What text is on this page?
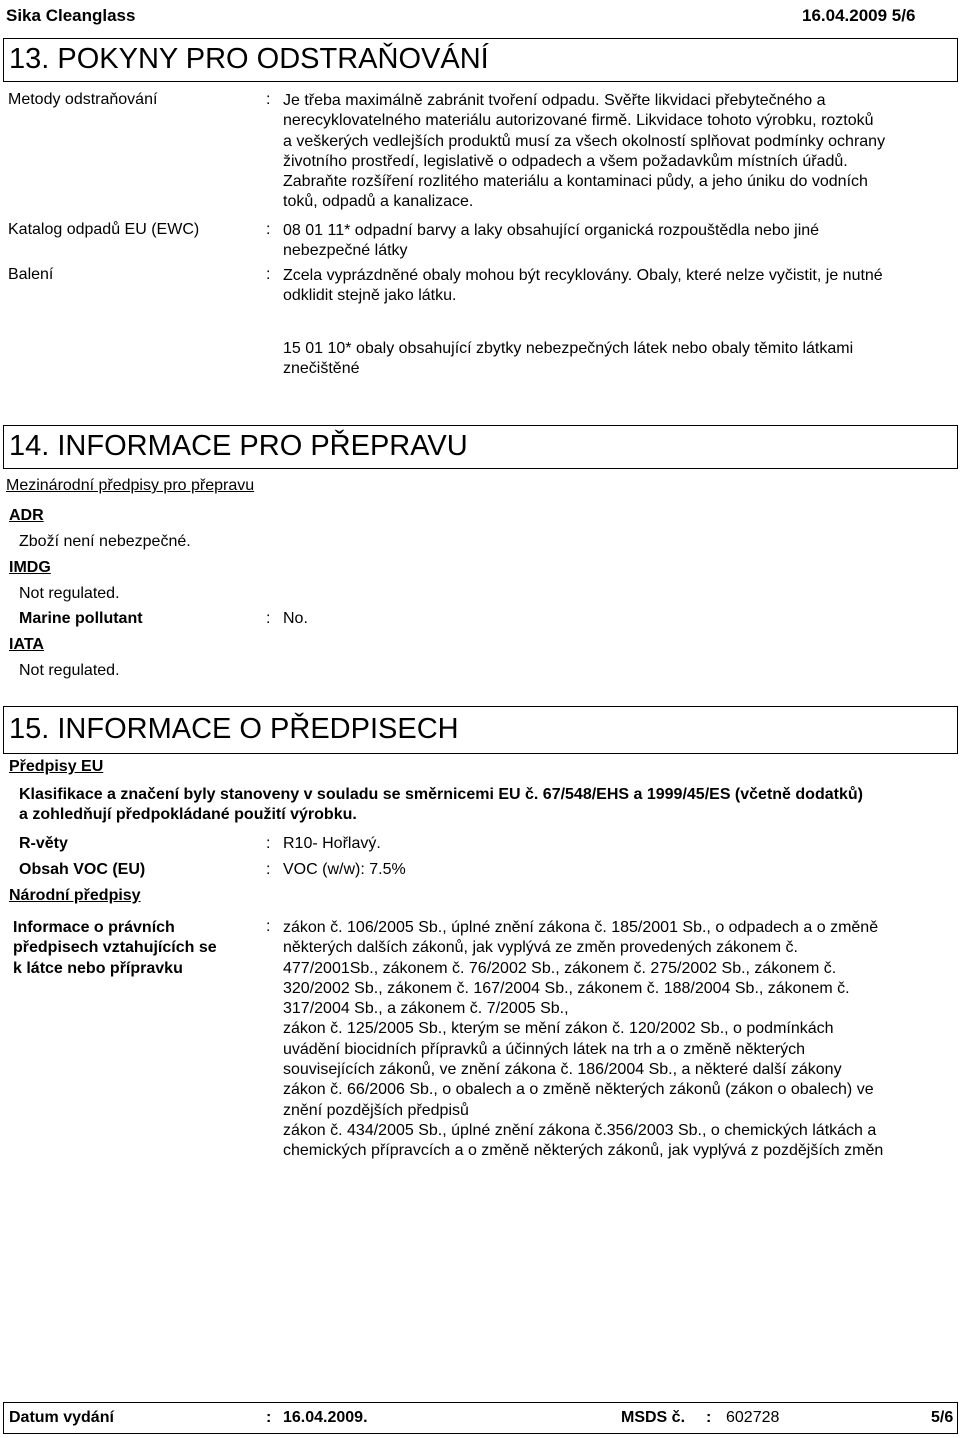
Sika Cleanglass	16.04.2009 5/6
13. POKYNY PRO ODSTRAŇOVÁNÍ
Metody odstraňování	: Je třeba maximálně zabránit tvoření odpadu. Svěřte likvidaci přebytečného a
nerecyklovatelného materiálu autorizované firmě. Likvidace tohoto výrobku, roztoků
a veškerých vedlejších produktů musí za všech okolností splňovat podmínky ochrany
životního prostředí, legislativě o odpadech a všem požadavkům místních úřadů.
Zabraňte rozšíření rozlitého materiálu a kontaminaci půdy, a jeho úniku do vodních
toků, odpadů a kanalizace.
Katalog odpadů EU (EWC)	: 08 01 11* odpadní barvy a laky obsahující organická rozpouštědla nebo jiné
nebezpečné látky
Balení	: Zcela vyprázdněné obaly mohou být recyklovány. Obaly, které nelze vyčistit, je nutné
odklidit stejně jako látku.
15 01 10* obaly obsahující zbytky nebezpečných látek nebo obaly těmito látkami
znečištěné
14. INFORMACE PRO PŘEPRAVU
Mezinárodní předpisy pro přepravu
ADR
Zboží není nebezpečné.
IMDG
Not regulated.
Marine pollutant	: No.
IATA
Not regulated.
15. INFORMACE O PŘEDPISECH
Předpisy EU
Klasifikace a značení byly stanoveny v souladu se směrnicemi EU č. 67/548/EHS a 1999/45/ES (včetně dodatků)
a zohledňují předpokládané použití výrobku.
R-věty	: R10- Hořlavý.
Obsah VOC (EU)	: VOC (w/w): 7.5%
Národní předpisy
Informace o právních
předpisech vztahujících se
k látce nebo přípravku
: zákon č. 106/2005 Sb., úplné znění zákona č. 185/2001 Sb., o odpadech a o změně
některých dalších zákonů, jak vyplývá ze změn provedených zákonem č.
477/2001Sb., zákonem č. 76/2002 Sb., zákonem č. 275/2002 Sb., zákonem č.
320/2002 Sb., zákonem č. 167/2004 Sb., zákonem č. 188/2004 Sb., zákonem č.
317/2004 Sb., a zákonem č. 7/2005 Sb.,
zákon č. 125/2005 Sb., kterým se mění zákon č. 120/2002 Sb., o podmínkách
uvádění biocidních přípravků a účinných látek na trh a o změně některých
souvisejících zákonů, ve znění zákona č. 186/2004 Sb., a některé další zákony
zákon č. 66/2006 Sb., o obalech a o změně některých zákonů (zákon o obalech) ve
znění pozdějších předpisů
zákon č. 434/2005 Sb., úplné znění zákona č.356/2003 Sb., o chemických látkách a
chemických přípravcích a o změně některých zákonů, jak vyplývá z pozdějších změn
Datum vydání	: 16.04.2009.	MSDS č. : 602728	5/6
